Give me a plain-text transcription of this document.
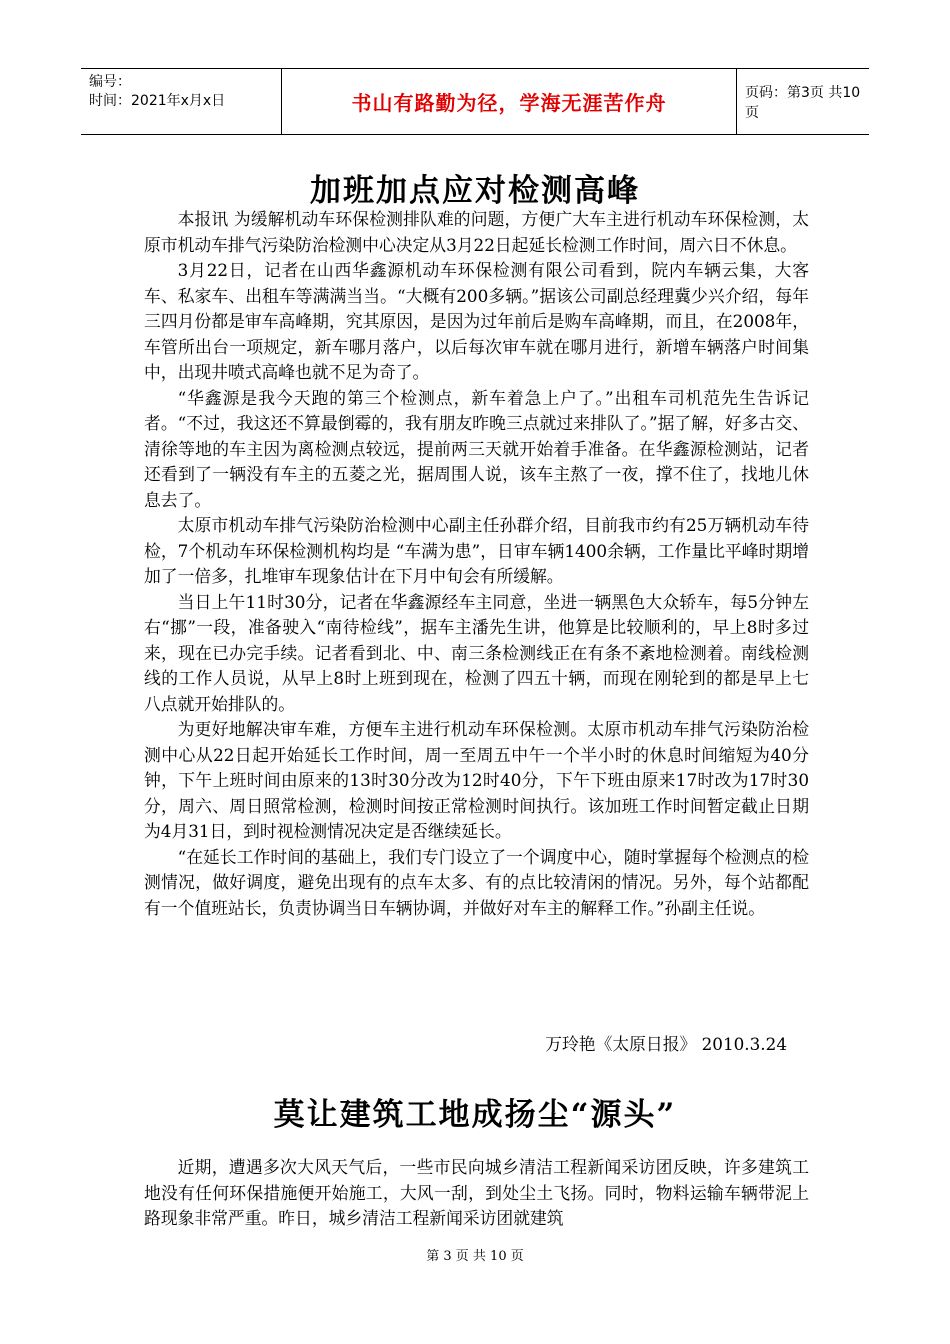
编号：
时间：2021年x月x日	书山有路勤为径，学海无涯苦作舟	页码：第3页 共10页
加班加点应对检测高峰

本报讯 为缓解机动车环保检测排队难的问题，方便广大车主进行机动车环保检测，太原市机动车排气污染防治检测中心决定从3月22日起延长检测工作时间，周六日不休息。

3月22日，记者在山西华鑫源机动车环保检测有限公司看到，院内车辆云集，大客车、私家车、出租车等满满当当。“大概有200多辆。”据该公司副总经理冀少兴介绍，每年三四月份都是审车高峰期，究其原因，是因为过年前后是购车高峰期，而且，在2008年，车管所出台一项规定，新车哪月落户，以后每次审车就在哪月进行，新增车辆落户时间集中，出现井喷式高峰也就不足为奇了。

“华鑫源是我今天跑的第三个检测点，新车着急上户了。”出租车司机范先生告诉记者。“不过，我这还不算最倒霉的，我有朋友昨晚三点就过来排队了。”据了解，好多古交、清徐等地的车主因为离检测点较远，提前两三天就开始着手准备。在华鑫源检测站，记者还看到了一辆没有车主的五菱之光，据周围人说，该车主熬了一夜，撑不住了，找地儿休息去了。

太原市机动车排气污染防治检测中心副主任孙群介绍，目前我市约有25万辆机动车待检，7个机动车环保检测机构均是 “车满为患”，日审车辆1400余辆，工作量比平峰时期增加了一倍多，扎堆审车现象估计在下月中旬会有所缓解。

当日上午11时30分，记者在华鑫源经车主同意，坐进一辆黑色大众轿车，每5分钟左右“挪”一段，准备驶入“南待检线”，据车主潘先生讲，他算是比较顺利的，早上8时多过来，现在已办完手续。记者看到北、中、南三条检测线正在有条不紊地检测着。南线检测线的工作人员说，从早上8时上班到现在，检测了四五十辆，而现在刚轮到的都是早上七八点就开始排队的。

为更好地解决审车难，方便车主进行机动车环保检测。太原市机动车排气污染防治检测中心从22日起开始延长工作时间，周一至周五中午一个半小时的休息时间缩短为40分钟，下午上班时间由原来的13时30分改为12时40分，下午下班由原来17时改为17时30分，周六、周日照常检测，检测时间按正常检测时间执行。该加班工作时间暂定截止日期为4月31日，到时视检测情况决定是否继续延长。

“在延长工作时间的基础上，我们专门设立了一个调度中心，随时掌握每个检测点的检测情况，做好调度，避免出现有的点车太多、有的点比较清闲的情况。另外，每个站都配有一个值班站长，负责协调当日车辆协调，并做好对车主的解释工作。”孙副主任说。

万玲艳《太原日报》 2010.3.24
莫让建筑工地成扬尘“源头”

近期，遭遇多次大风天气后，一些市民向城乡清洁工程新闻采访团反映，许多建筑工地没有任何环保措施便开始施工，大风一刮，到处尘土飞扬。同时，物料运输车辆带泥上路现象非常严重。昨日，城乡清洁工程新闻采访团就建筑

第 3 页 共 10 页
